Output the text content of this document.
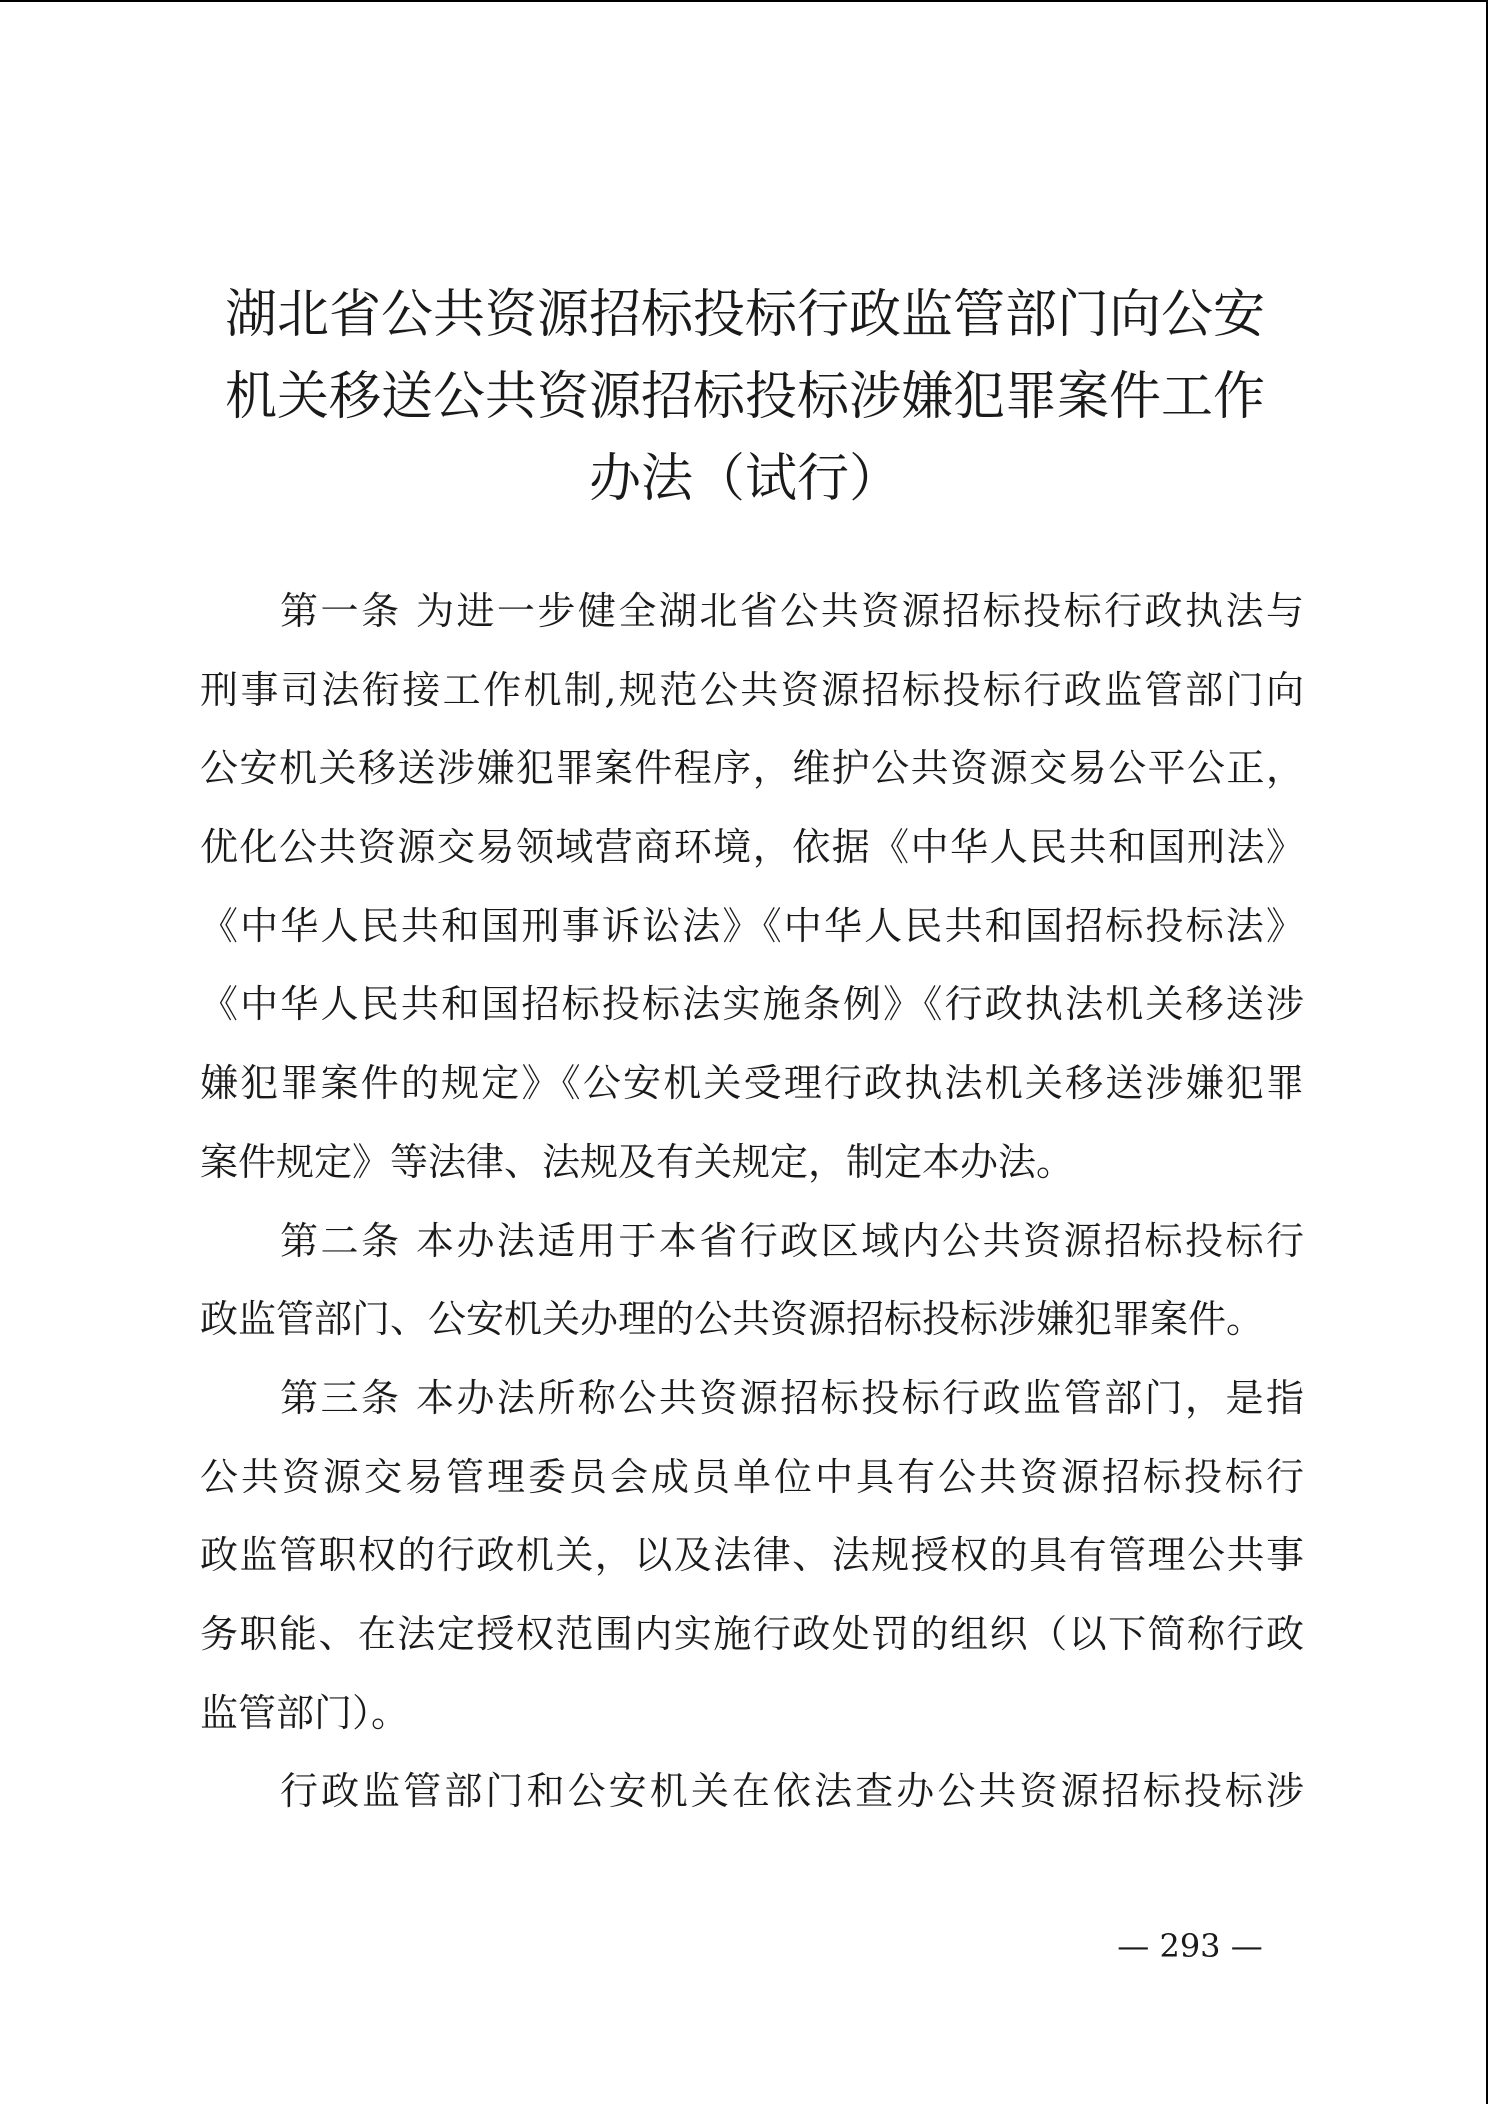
湖北省公共资源招标投标行政监管部门向公安
机关移送公共资源招标投标涉嫌犯罪案件工作
办法（试行）
第一条 为进一步健全湖北省公共资源招标投标行政执法与
刑事司法衔接工作机制,规范公共资源招标投标行政监管部门向
公安机关移送涉嫌犯罪案件程序，维护公共资源交易公平公正，
优化公共资源交易领域营商环境，依据《中华人民共和国刑法》
《中华人民共和国刑事诉讼法》《中华人民共和国招标投标法》
《中华人民共和国招标投标法实施条例》《行政执法机关移送涉
嫌犯罪案件的规定》《公安机关受理行政执法机关移送涉嫌犯罪
案件规定》等法律、法规及有关规定，制定本办法。
第二条 本办法适用于本省行政区域内公共资源招标投标行
政监管部门、公安机关办理的公共资源招标投标涉嫌犯罪案件。
第三条 本办法所称公共资源招标投标行政监管部门，是指
公共资源交易管理委员会成员单位中具有公共资源招标投标行
政监管职权的行政机关，以及法律、法规授权的具有管理公共事
务职能、在法定授权范围内实施行政处罚的组织（以下简称行政
监管部门）。
行政监管部门和公安机关在依法查办公共资源招标投标涉
— 293 —
